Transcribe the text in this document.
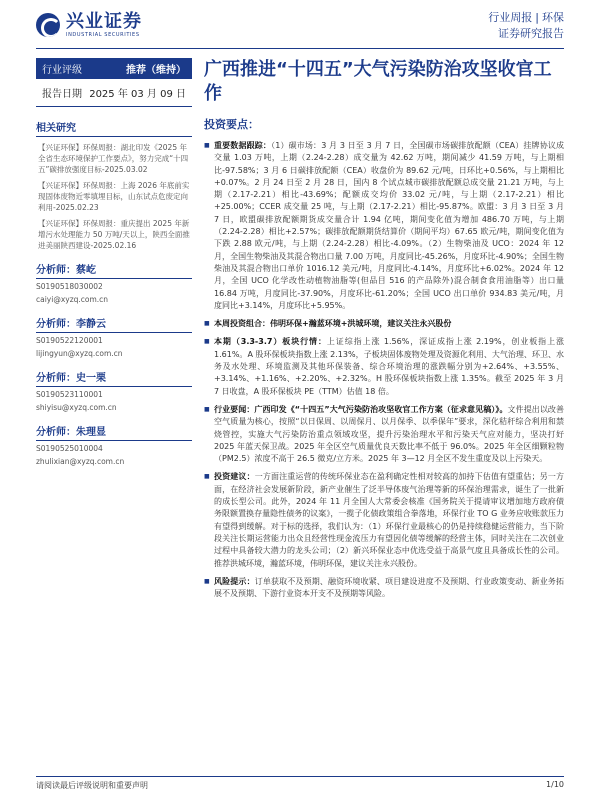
兴业证券
INDUSTRIAL SECURITIES
行业周报 | 环保
证券研究报告
行业评级	推荐（维持）
报告日期 2025 年 03 月 09 日
相关研究
【兴证环保】环保周报：湖北印发《2025 年全省生态环境保护工作要点》，努力完成“十四五”碳排放强度目标-2025.03.02
【兴证环保】环保周报：上海 2026 年底前实现固体废物近零填埋目标，山东试点危废定向利用-2025.02.23
【兴证环保】环保周报：重庆提出 2025 年新增污水处理能力 50 万吨/天以上，陕西全面推进美丽陕西建设-2025.02.16
分析师：蔡屹
S0190518030002
caiyi@xyzq.com.cn
分析师：李静云
S0190522120001
lijingyun@xyzq.com.cn
分析师：史一栗
S0190523110001
shiyisu@xyzq.com.cn
分析师：朱理显
S0190525010004
zhulixian@xyzq.com.cn
广西推进“十四五”大气污染防治攻坚收官工作
投资要点：
■ 重要数据跟踪：（1）碳市场：3 月 3 日至 3 月 7 日，全国碳市场碳排放配额（CEA）挂牌协议成交量 1.03 万吨，上期（2.24-2.28）成交量为 42.62 万吨，期间减少 41.59 万吨，与上期相比-97.58%；3 月 6 日碳排放配额（CEA）收盘价为 89.62 元/吨，日环比+0.56%，与上期相比+0.07%。2 月 24 日至 2 月 28 日，国内 8 个试点城市碳排放配额总成交量 21.21 万吨，与上期（2.17-2.21）相比-43.69%；配额成交均价 33.02 元/吨，与上期（2.17-2.21）相比+25.00%；CCER 成交量 25 吨，与上期（2.17-2.21）相比-95.87%。欧盟：3 月 3 日至 3 月 7 日，欧盟碳排放配额期货成交量合计 1.94 亿吨，期间变化值为增加 486.70 万吨，与上期（2.24-2.28）相比+2.57%；碳排放配额期货结算价（期间平均）67.65 欧元/吨，期间变化值为下跌 2.88 欧元/吨，与上期（2.24-2.28）相比-4.09%。（2）生物柴油及 UCO：2024 年 12 月，全国生物柴油及其混合物出口量 7.00 万吨，月度同比-45.26%，月度环比-4.90%；全国生物柴油及其混合物出口单价 1016.12 美元/吨，月度同比-4.14%，月度环比+6.02%。2024 年 12 月，全国 UCO 化学改性动植物油脂等(但品目 516 的产品除外)混合制食食用油脂等）出口量 16.84 万吨，月度同比-37.90%，月度环比-61.20%；全国 UCO 出口单价 934.83 美元/吨，月度同比+3.14%，月度环比+5.95%。
■ 本周投资组合：伟明环保+瀚蓝环境+洪城环境，建议关注永兴股份
■ 本期（3.3-3.7）板块行情：上证综指上涨 1.56%，深证成指上涨 2.19%，创业板指上涨 1.61%。A 股环保板块指数上涨 2.13%，子板块固体废物处理及资源化利用、大气治理、环卫、水务及水处理、环境监测及其他环保装备、综合环境治理的涨跌幅分别为+2.64%、+3.55%、+3.14%、+1.16%、+2.20%、+2.32%。H 股环保板块指数上涨 1.35%。截至 2025 年 3 月 7 日收盘，A 股环保板块 PE（TTM）估值 18 倍。
■ 行业要闻：广西印发《“十四五”大气污染防治攻坚收官工作方案（征求意见稿）》。文件提出以改善空气质量为核心，按照“以日保周、以周保月、以月保季、以季保年”要求，深化秸秆综合利用和禁烧管控，实施大气污染防治重点领域攻坚，提升污染治理水平和污染天气应对能力，坚决打好 2025 年蓝天保卫战。2025 年全区空气质量优良天数比率不低于 96.0%。2025 年全区细颗粒物（PM2.5）浓度不高于 26.5 微克/立方米。2025 年 3—12 月全区不发生重度及以上污染天。
■ 投资建议：一方面注重运营的传统环保业态在盈利确定性相对较高的加持下估值有望重估；另一方面，在经济社会发展新阶段，新产业催生了泛半导体废气治理等新的环保治理需求，诞生了一批新的成长型公司。此外，2024 年 11 月全国人大常委会核准《国务院关于提请审议增加地方政府债务限额置换存量隐性债务的议案》，一揽子化债政策组合拳落地，环保行业 TO G 业务应收账款压力有望得到缓解。对于标的选择，我们认为：（1）环保行业最核心的仍是持续稳健运营能力，当下阶段关注长期运营能力出众且经营性现金流压力有望因化债等缓解的经营主体，同时关注在二次创业过程中具备较大潜力的龙头公司；（2）新兴环保业态中优选受益于高景气度且具备成长性的公司。推荐洪城环境，瀚蓝环境，伟明环保，建议关注永兴股份。
■ 风险提示：订单获取不及预期、融资环境收紧、项目建设进度不及预期、行业政策变动、新业务拓展不及预期、下游行业资本开支不及预期等风险。
请阅读最后评级说明和重要声明	1/10
